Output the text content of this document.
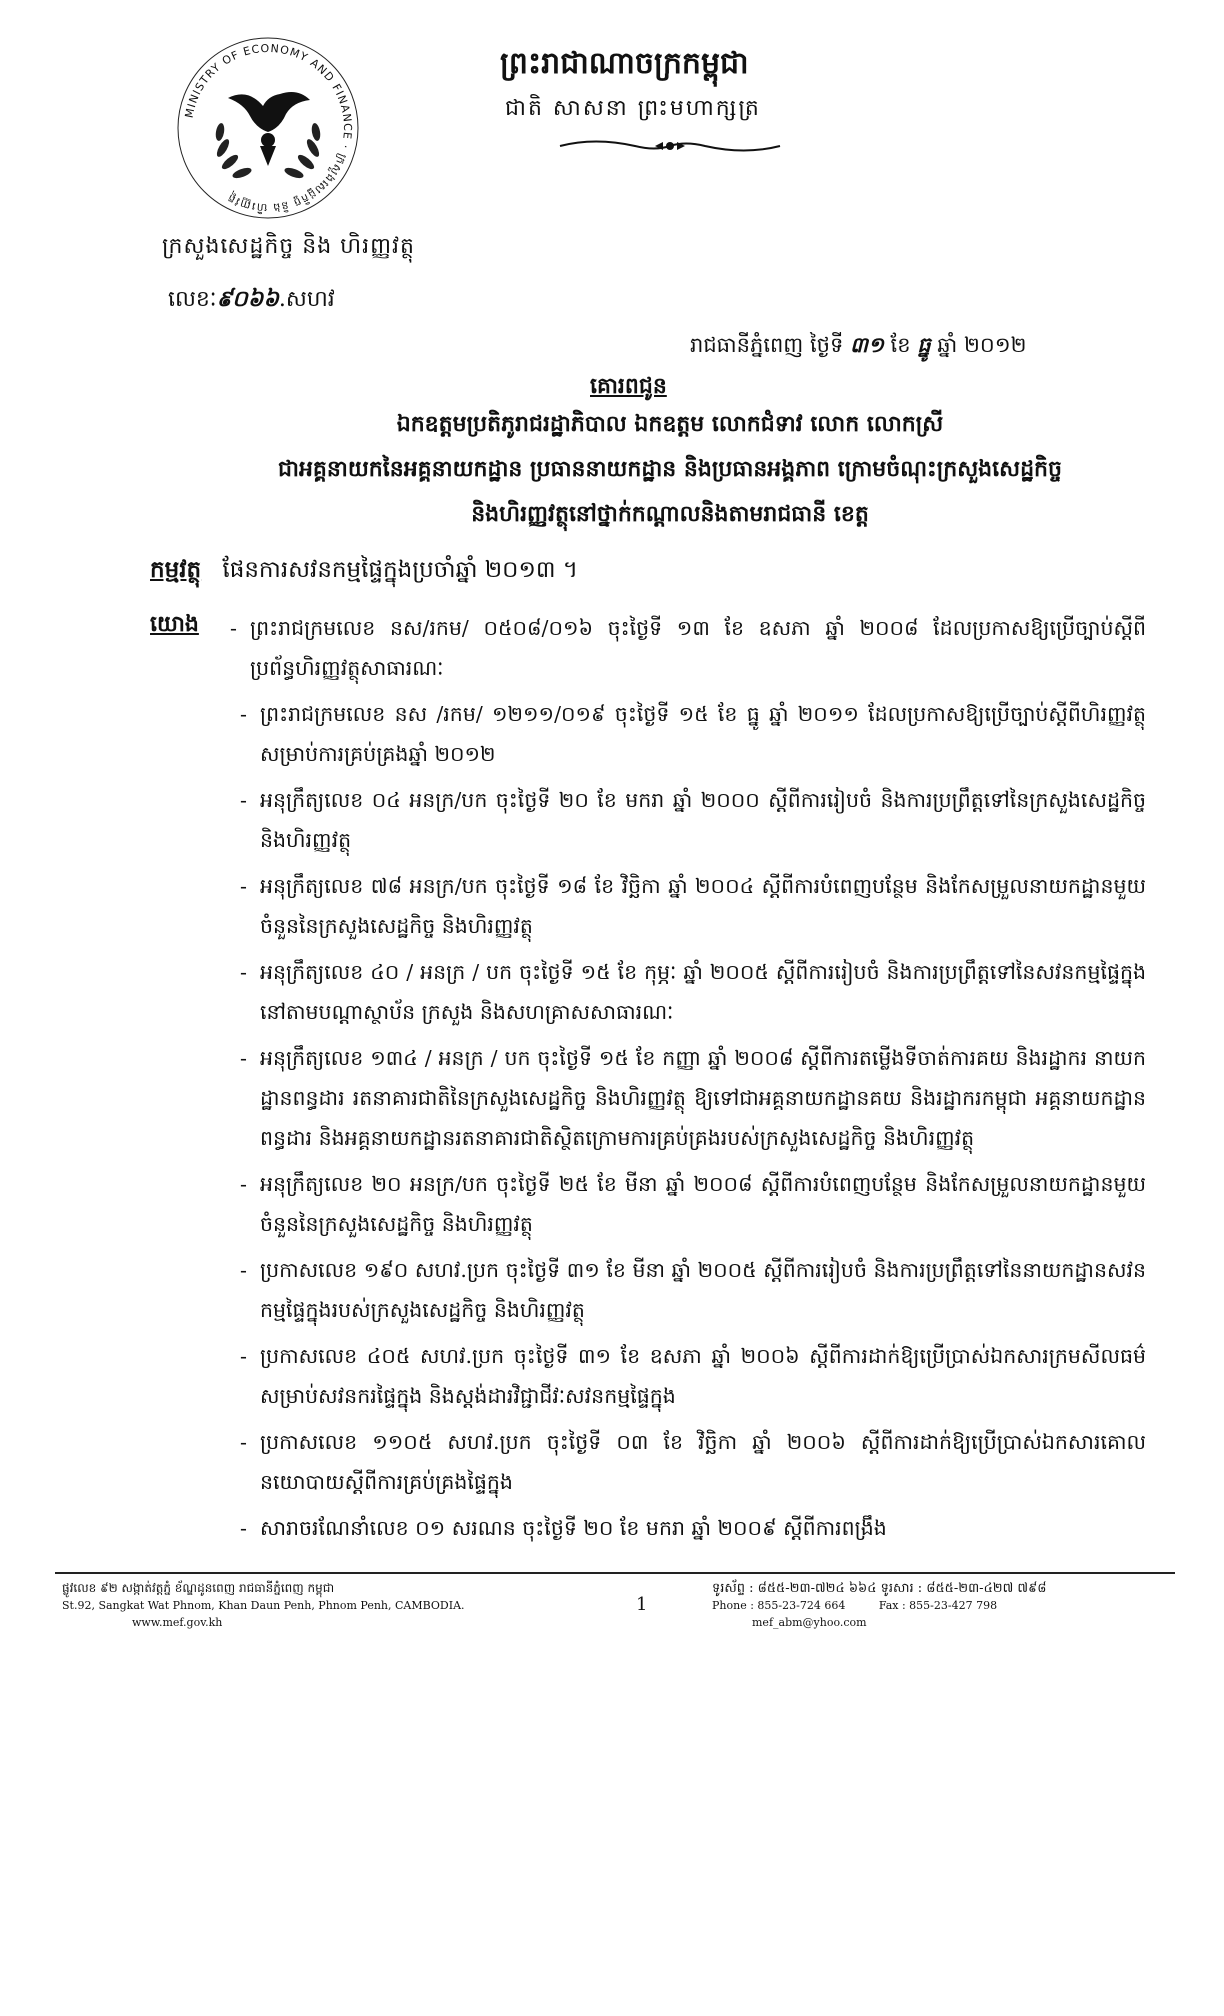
MINISTRY OF ECONOMY AND FINANCE · ក្រសួងសេដ្ឋកិច្ច និង ហិរញ្ញវត្ថុ
ក្រសួងសេដ្ឋកិច្ច និង ហិរញ្ញវត្ថុ
លេខៈ៩០៦៦.សហវ
ព្រះរាជាណាចក្រកម្ពុជា
ជាតិ សាសនា ព្រះមហាក្សត្រ
រាជធានីភ្នំពេញ ថ្ងៃទី ៣១ ខែ ធ្នូ ឆ្នាំ ២០១២
គោរពជូន
ឯកឧត្តមប្រតិភូរាជរដ្ឋាភិបាល ឯកឧត្តម លោកជំទាវ លោក លោកស្រី
ជាអគ្គនាយកនៃអគ្គនាយកដ្ឋាន ប្រធាននាយកដ្ឋាន និងប្រធានអង្គភាព ក្រោមចំណុះក្រសួងសេដ្ឋកិច្ច
និងហិរញ្ញវត្ថុនៅថ្នាក់កណ្តាលនិងតាមរាជធានី ខេត្ត
កម្មវត្ថុ ផែនការសវនកម្មផ្ទៃក្នុងប្រចាំឆ្នាំ ២០១៣ ។
យោង
-	ព្រះរាជក្រមលេខ នស/រកម/ ០៥០៨/០១៦ ចុះថ្ងៃទី ១៣ ខែ ឧសភា ឆ្នាំ ២០០៨ ដែលប្រកាសឱ្យប្រើច្បាប់ស្តីពីប្រព័ន្ធហិរញ្ញវត្ថុសាធារណៈ
- ព្រះរាជក្រមលេខ នស /រកម/ ១២១១/០១៩ ចុះថ្ងៃទី ១៥ ខែ ធ្នូ ឆ្នាំ ២០១១ ដែលប្រកាសឱ្យប្រើច្បាប់ស្តីពីហិរញ្ញវត្ថុសម្រាប់ការគ្រប់គ្រងឆ្នាំ ២០១២
- អនុក្រឹត្យលេខ ០៤ អនក្រ/បក ចុះថ្ងៃទី ២០ ខែ មករា ឆ្នាំ ២០០០ ស្តីពីការរៀបចំ និងការប្រព្រឹត្តទៅនៃក្រសួងសេដ្ឋកិច្ច និងហិរញ្ញវត្ថុ
- អនុក្រឹត្យលេខ ៧៨ អនក្រ/បក ចុះថ្ងៃទី ១៨ ខែ វិច្ឆិកា ឆ្នាំ ២០០៤ ស្តីពីការបំពេញបន្ថែម និងកែសម្រួលនាយកដ្ឋានមួយចំនួននៃក្រសួងសេដ្ឋកិច្ច និងហិរញ្ញវត្ថុ
- អនុក្រឹត្យលេខ ៤០ / អនក្រ / បក ចុះថ្ងៃទី ១៥ ខែ កុម្ភៈ ឆ្នាំ ២០០៥ ស្តីពីការរៀបចំ និងការប្រព្រឹត្តទៅនៃសវនកម្មផ្ទៃក្នុងនៅតាមបណ្តាស្ថាប័ន ក្រសួង និងសហគ្រាសសាធារណៈ
- អនុក្រឹត្យលេខ ១៣៤ / អនក្រ / បក ចុះថ្ងៃទី ១៥ ខែ កញ្ញា ឆ្នាំ ២០០៨ ស្តីពីការតម្លើងទីចាត់ការគយ និងរដ្ឋាករ នាយកដ្ឋានពន្ធដារ រតនាគារជាតិនៃក្រសួងសេដ្ឋកិច្ច និងហិរញ្ញវត្ថុ ឱ្យទៅជាអគ្គនាយកដ្ឋានគយ និងរដ្ឋាករកម្ពុជា អគ្គនាយកដ្ឋានពន្ធដារ និងអគ្គនាយកដ្ឋានរតនាគារជាតិស្ថិតក្រោមការគ្រប់គ្រងរបស់ក្រសួងសេដ្ឋកិច្ច និងហិរញ្ញវត្ថុ
- អនុក្រឹត្យលេខ ២០ អនក្រ/បក ចុះថ្ងៃទី ២៥ ខែ មីនា ឆ្នាំ ២០០៨ ស្តីពីការបំពេញបន្ថែម និងកែសម្រួលនាយកដ្ឋានមួយចំនួននៃក្រសួងសេដ្ឋកិច្ច និងហិរញ្ញវត្ថុ
- ប្រកាសលេខ ១៩០ សហវ.ប្រក ចុះថ្ងៃទី ៣១ ខែ មីនា ឆ្នាំ ២០០៥ ស្តីពីការរៀបចំ និងការប្រព្រឹត្តទៅនៃនាយកដ្ឋានសវនកម្មផ្ទៃក្នុងរបស់ក្រសួងសេដ្ឋកិច្ច និងហិរញ្ញវត្ថុ
- ប្រកាសលេខ ៤០៥ សហវ.ប្រក ចុះថ្ងៃទី ៣១ ខែ ឧសភា ឆ្នាំ ២០០៦ ស្តីពីការដាក់ឱ្យប្រើប្រាស់ឯកសារក្រមសីលធម៌សម្រាប់សវនករផ្ទៃក្នុង និងស្តង់ដារវិជ្ជាជីវៈសវនកម្មផ្ទៃក្នុង
- ប្រកាសលេខ ១១០៥ សហវ.ប្រក ចុះថ្ងៃទី ០៣ ខែ វិច្ឆិកា ឆ្នាំ ២០០៦ ស្តីពីការដាក់ឱ្យប្រើប្រាស់ឯកសារគោលនយោបាយស្តីពីការគ្រប់គ្រងផ្ទៃក្នុង
- សារាចរណែនាំលេខ ០១ សរណន ចុះថ្ងៃទី ២០ ខែ មករា ឆ្នាំ ២០០៩ ស្តីពីការពង្រឹង
ផ្លូវលេខ ៩២ សង្កាត់វត្តភ្នំ ខ័ណ្ឌដូនពេញ រាជធានីភ្នំពេញ កម្ពុជា
St.92, Sangkat Wat Phnom, Khan Daun Penh, Phnom Penh, CAMBODIA.
www.mef.gov.kh
1
ទូរស័ព្ទ : ៨៥៥-២៣-៧២៤ ៦៦៤ ទូរសារ : ៨៥៥-២៣-៤២៧ ៧៩៨
Phone : 855-23-724 664	Fax : 855-23-427 798
mef_abm@yhoo.com
